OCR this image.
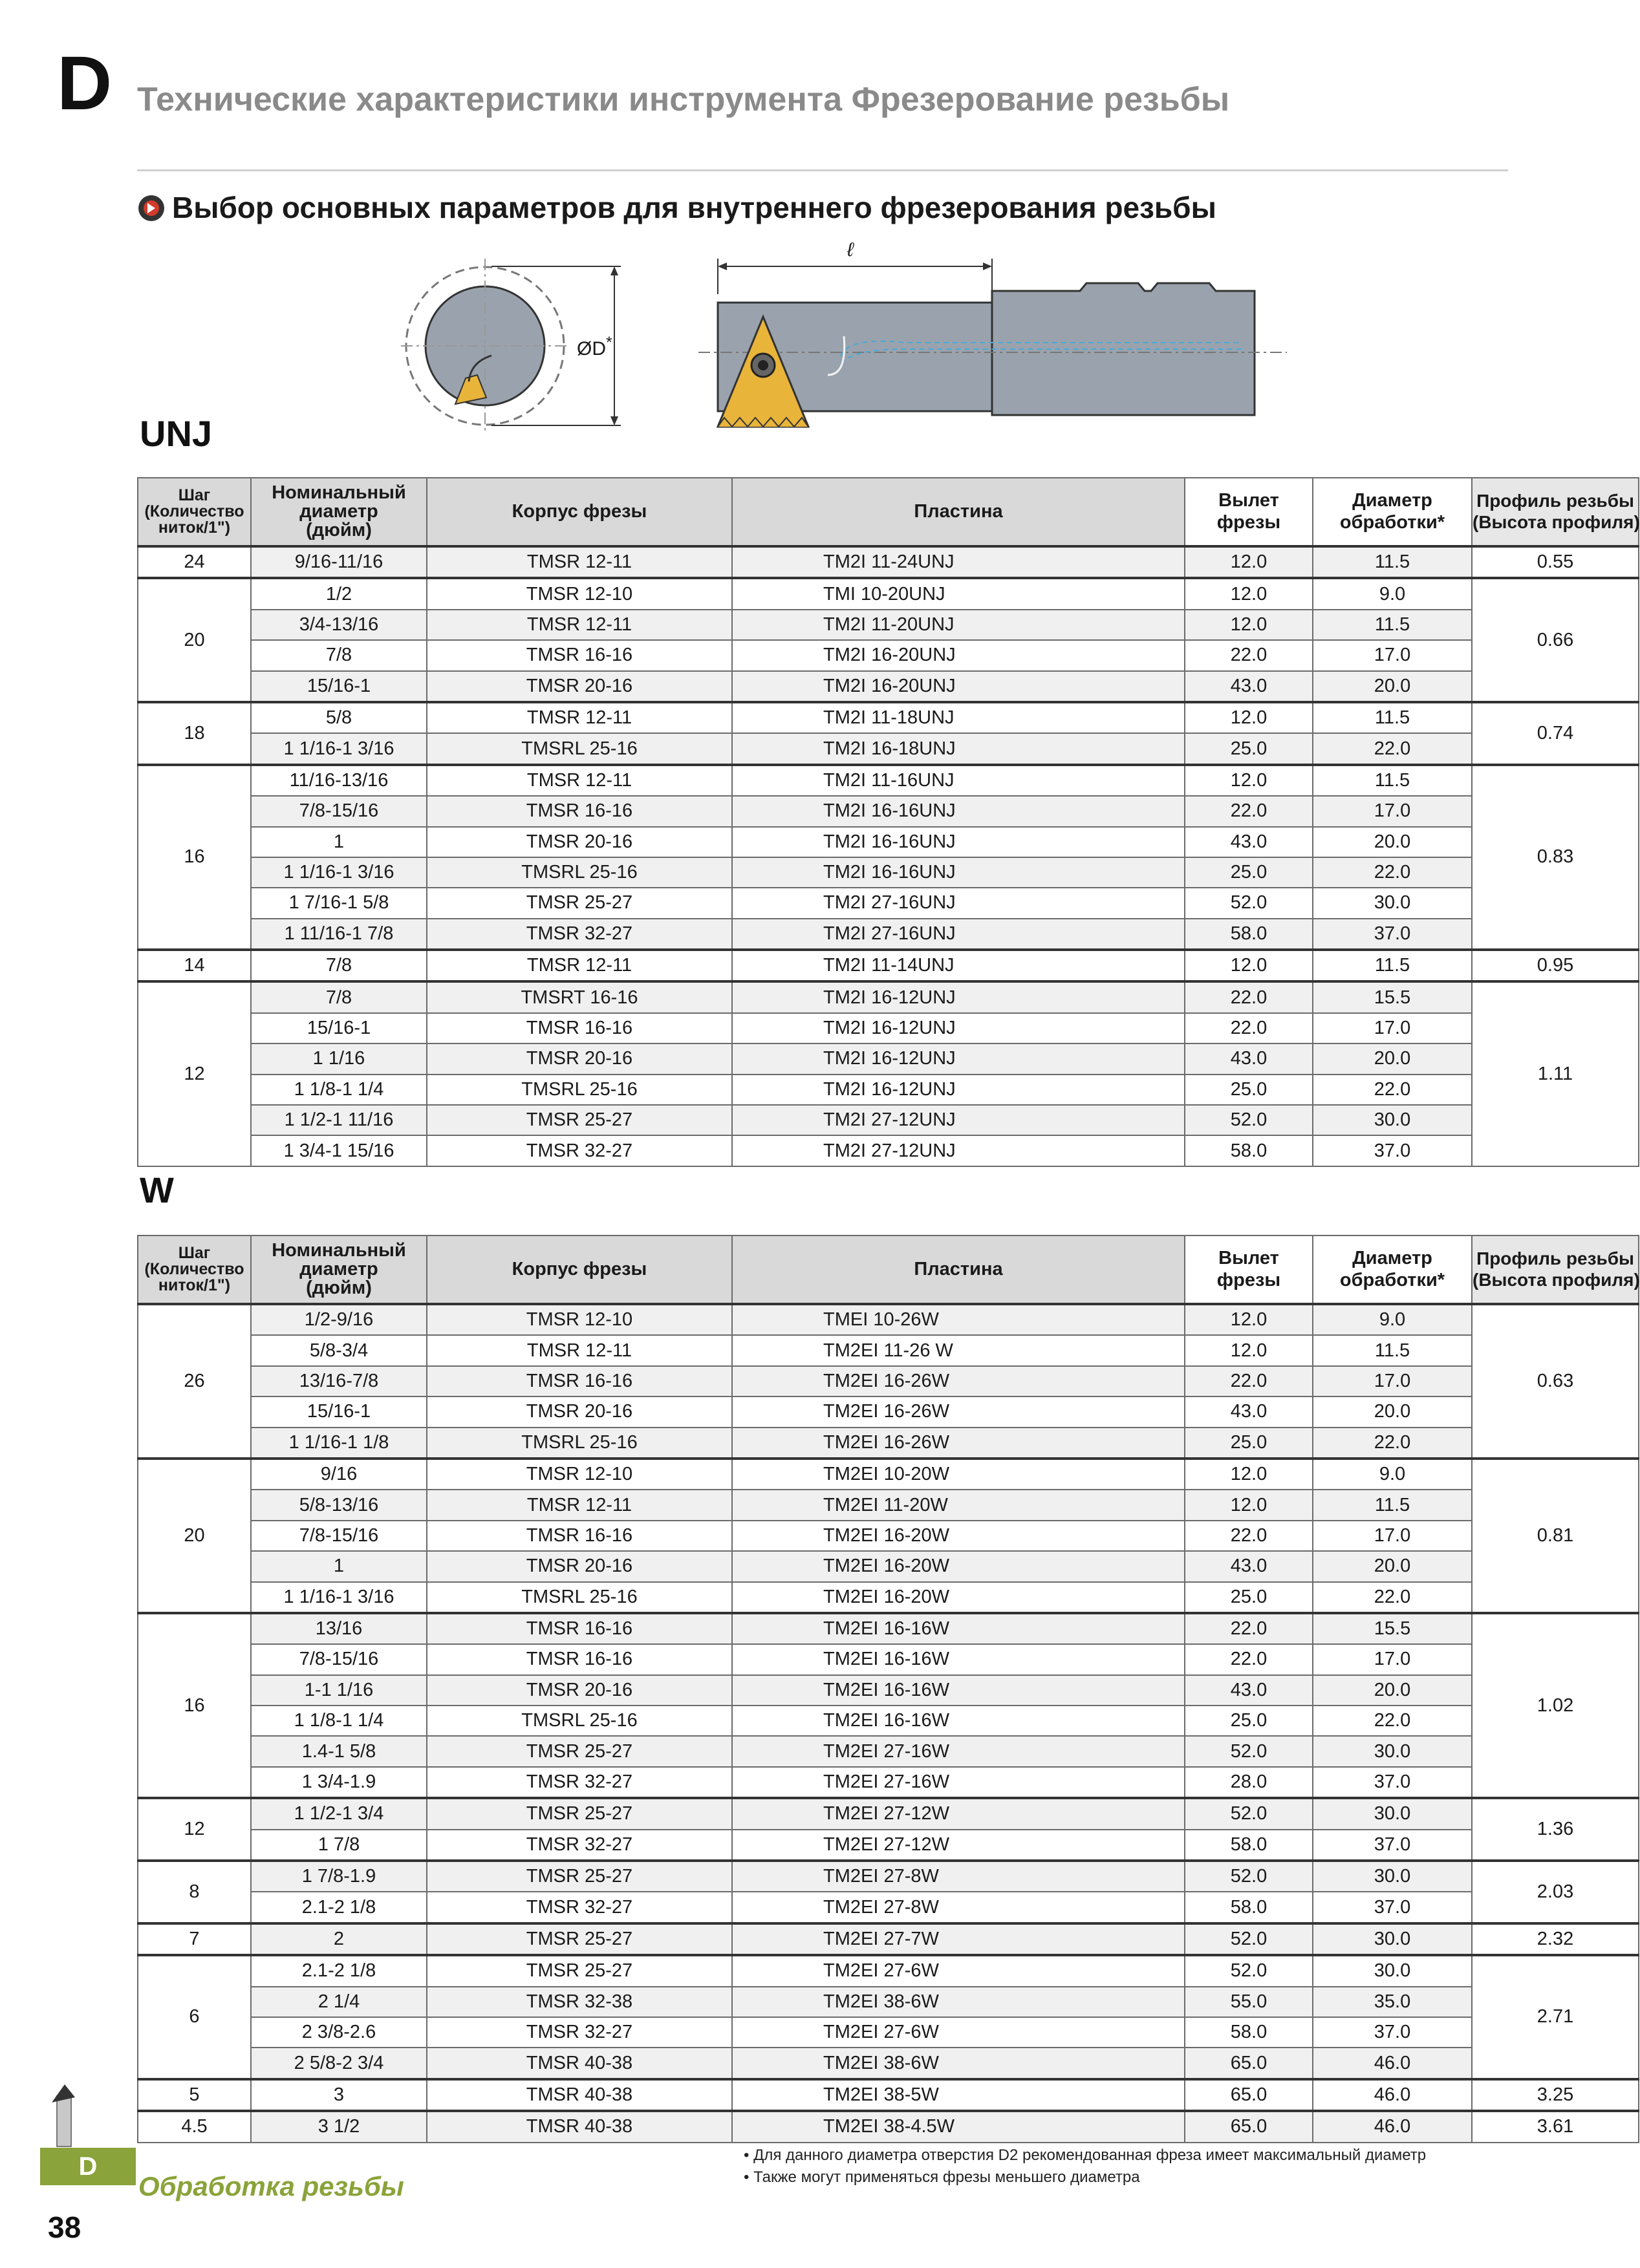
D Технические характеристики инструмента Фрезерование резьбы
Выбор основных параметров для внутреннего фрезерования резьбы
ØD*
ℓ
UNJ
Шаг
(Количество
ниток/1")	Номинальный
диаметр
(дюйм)	Корпус фрезы	Пластина	Вылет
фрезы	Диаметр
обработки*	Профиль резьбы
(Высота профиля)
24	9/16-11/16	TMSR 12-11	TM2I 11-24UNJ	12.0	11.5	0.55
20	1/2	TMSR 12-10	TMI 10-20UNJ	12.0	9.0	0.66
	3/4-13/16	TMSR 12-11	TM2I 11-20UNJ	12.0	11.5	
	7/8	TMSR 16-16	TM2I 16-20UNJ	22.0	17.0	
	15/16-1	TMSR 20-16	TM2I 16-20UNJ	43.0	20.0	
18	5/8	TMSR 12-11	TM2I 11-18UNJ	12.0	11.5	0.74
	1 1/16-1 3/16	TMSRL 25-16	TM2I 16-18UNJ	25.0	22.0	
16	11/16-13/16	TMSR 12-11	TM2I 11-16UNJ	12.0	11.5	0.83
	7/8-15/16	TMSR 16-16	TM2I 16-16UNJ	22.0	17.0	
	1	TMSR 20-16	TM2I 16-16UNJ	43.0	20.0	
	1 1/16-1 3/16	TMSRL 25-16	TM2I 16-16UNJ	25.0	22.0	
	1 7/16-1 5/8	TMSR 25-27	TM2I 27-16UNJ	52.0	30.0	
	1 11/16-1 7/8	TMSR 32-27	TM2I 27-16UNJ	58.0	37.0	
14	7/8	TMSR 12-11	TM2I 11-14UNJ	12.0	11.5	0.95
12	7/8	TMSRT 16-16	TM2I 16-12UNJ	22.0	15.5	1.11
	15/16-1	TMSR 16-16	TM2I 16-12UNJ	22.0	17.0	
	1 1/16	TMSR 20-16	TM2I 16-12UNJ	43.0	20.0	
	1 1/8-1 1/4	TMSRL 25-16	TM2I 16-12UNJ	25.0	22.0	
	1 1/2-1 11/16	TMSR 25-27	TM2I 27-12UNJ	52.0	30.0	
	1 3/4-1 15/16	TMSR 32-27	TM2I 27-12UNJ	58.0	37.0	
W
Шаг
(Количество
ниток/1")	Номинальный
диаметр
(дюйм)	Корпус фрезы	Пластина	Вылет
фрезы	Диаметр
обработки*	Профиль резьбы
(Высота профиля)
26	1/2-9/16	TMSR 12-10	TMEI 10-26W	12.0	9.0	0.63
	5/8-3/4	TMSR 12-11	TM2EI 11-26 W	12.0	11.5	
	13/16-7/8	TMSR 16-16	TM2EI 16-26W	22.0	17.0	
	15/16-1	TMSR 20-16	TM2EI 16-26W	43.0	20.0	
	1 1/16-1 1/8	TMSRL 25-16	TM2EI 16-26W	25.0	22.0	
20	9/16	TMSR 12-10	TM2EI 10-20W	12.0	9.0	0.81
	5/8-13/16	TMSR 12-11	TM2EI 11-20W	12.0	11.5	
	7/8-15/16	TMSR 16-16	TM2EI 16-20W	22.0	17.0	
	1	TMSR 20-16	TM2EI 16-20W	43.0	20.0	
	1 1/16-1 3/16	TMSRL 25-16	TM2EI 16-20W	25.0	22.0	
16	13/16	TMSR 16-16	TM2EI 16-16W	22.0	15.5	1.02
	7/8-15/16	TMSR 16-16	TM2EI 16-16W	22.0	17.0	
	1-1 1/16	TMSR 20-16	TM2EI 16-16W	43.0	20.0	
	1 1/8-1 1/4	TMSRL 25-16	TM2EI 16-16W	25.0	22.0	
	1.4-1 5/8	TMSR 25-27	TM2EI 27-16W	52.0	30.0	
	1 3/4-1.9	TMSR 32-27	TM2EI 27-16W	28.0	37.0	
12	1 1/2-1 3/4	TMSR 25-27	TM2EI 27-12W	52.0	30.0	1.36
	1 7/8	TMSR 32-27	TM2EI 27-12W	58.0	37.0	
8	1 7/8-1.9	TMSR 25-27	TM2EI 27-8W	52.0	30.0	2.03
	2.1-2 1/8	TMSR 32-27	TM2EI 27-8W	58.0	37.0	
7	2	TMSR 25-27	TM2EI 27-7W	52.0	30.0	2.32
6	2.1-2 1/8	TMSR 25-27	TM2EI 27-6W	52.0	30.0	2.71
	2 1/4	TMSR 32-38	TM2EI 38-6W	55.0	35.0	
	2 3/8-2.6	TMSR 32-27	TM2EI 27-6W	58.0	37.0	
	2 5/8-2 3/4	TMSR 40-38	TM2EI 38-6W	65.0	46.0	
5	3	TMSR 40-38	TM2EI 38-5W	65.0	46.0	3.25
4.5	3 1/2	TMSR 40-38	TM2EI 38-4.5W	65.0	46.0	3.61
• Для данного диаметра отверстия D2 рекомендованная фреза имеет максимальный диаметр
• Также могут применяться фрезы меньшего диаметра
D
Обработка резьбы
38
